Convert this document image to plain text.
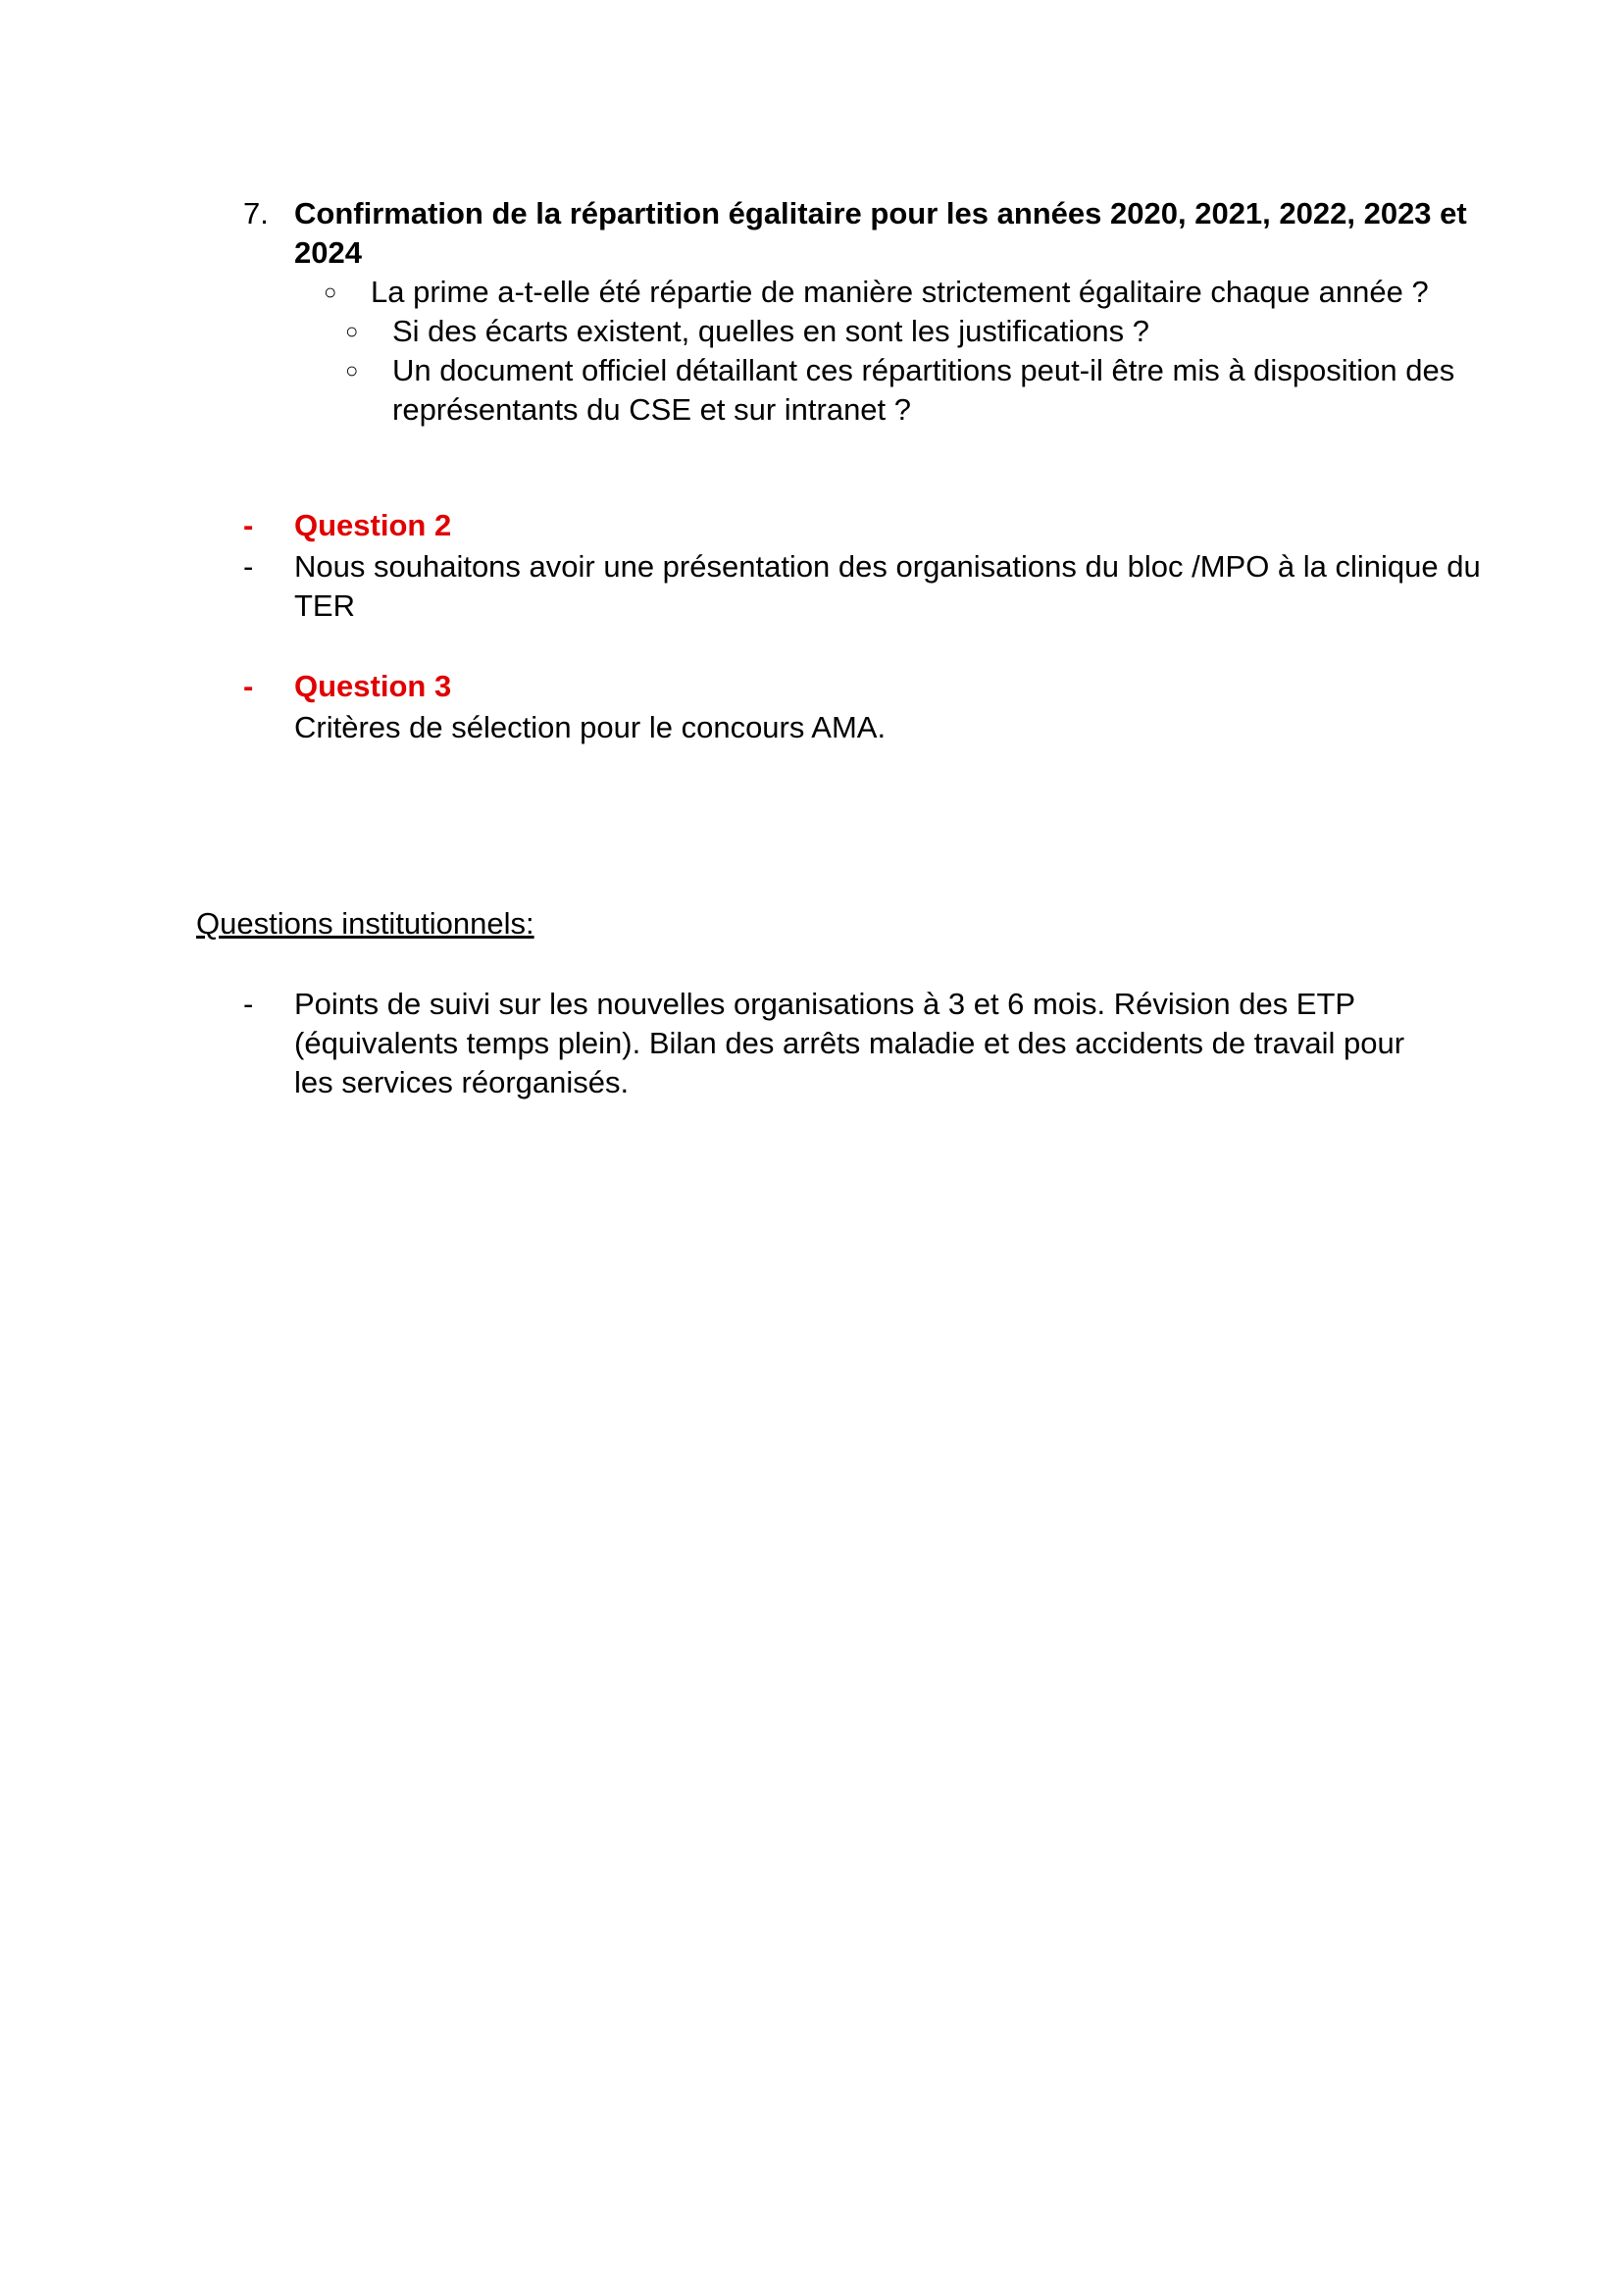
7. Confirmation de la répartition égalitaire pour les années 2020, 2021, 2022, 2023 et 2024
○ La prime a-t-elle été répartie de manière strictement égalitaire chaque année ?
○ Si des écarts existent, quelles en sont les justifications ?
○ Un document officiel détaillant ces répartitions peut-il être mis à disposition des représentants du CSE et sur intranet ?
- Question 2
- Nous souhaitons avoir une présentation des organisations du bloc /MPO à la clinique du TER
- Question 3
Critères de sélection pour le concours AMA.
Questions institutionnels:
- Points de suivi sur les nouvelles organisations à 3 et 6 mois. Révision des ETP (équivalents temps plein). Bilan des arrêts maladie et des accidents de travail pour les services réorganisés.
